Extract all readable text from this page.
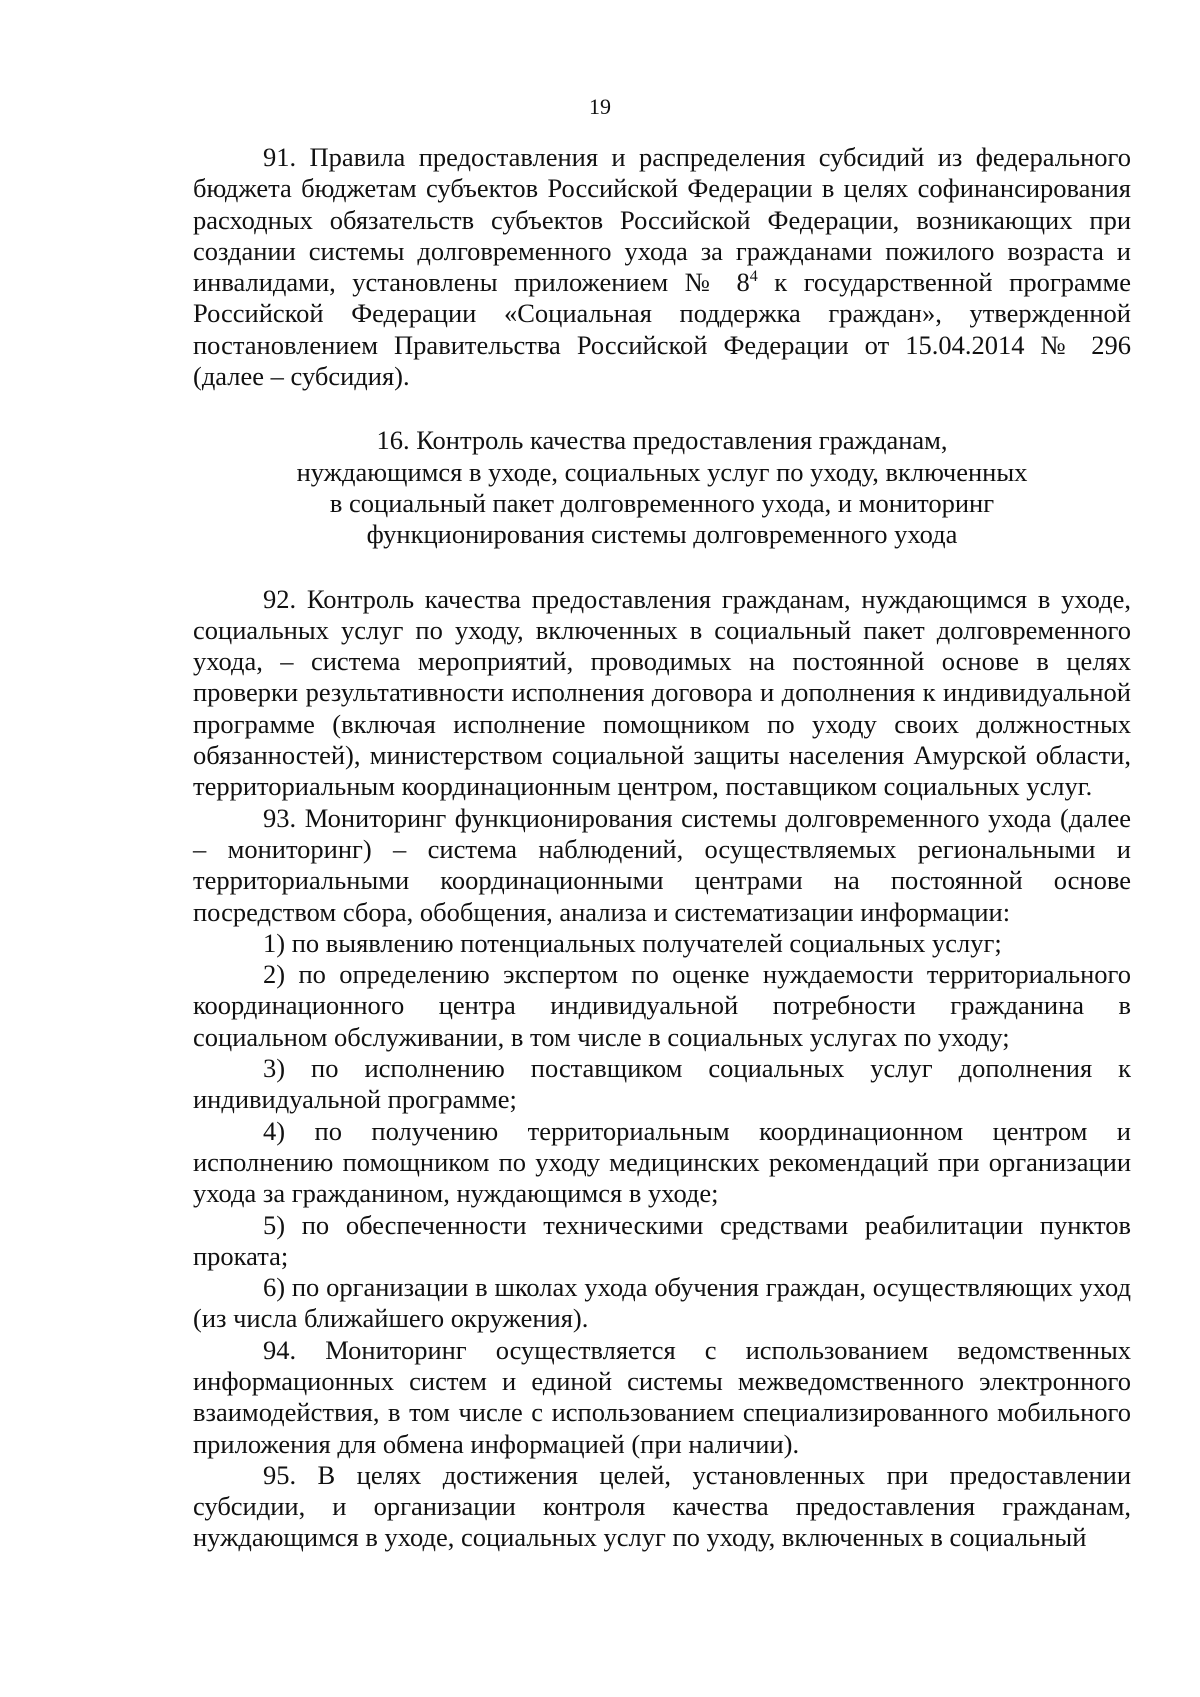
19

91. Правила предоставления и распределения субсидий из федерального бюджета бюджетам субъектов Российской Федерации в целях софинансирования расходных обязательств субъектов Российской Федерации, возникающих при создании системы долговременного ухода за гражданами пожилого возраста и инвалидами, установлены приложением № $8^4$ к государственной программе Российской Федерации «Социальная поддержка граждан», утвержденной постановлением Правительства Российской Федерации от 15.04.2014 № 296 (далее – субсидия).

16. Контроль качества предоставления гражданам,
нуждающимся в уходе, социальных услуг по уходу, включенных
в социальный пакет долговременного ухода, и мониторинг
функционирования системы долговременного ухода

92. Контроль качества предоставления гражданам, нуждающимся в уходе, социальных услуг по уходу, включенных в социальный пакет долговременного ухода, – система мероприятий, проводимых на постоянной основе в целях проверки результативности исполнения договора и дополнения к индивидуальной программе (включая исполнение помощником по уходу своих должностных обязанностей), министерством социальной защиты населения Амурской области, территориальным координационным центром, поставщиком социальных услуг.

93. Мониторинг функционирования системы долговременного ухода (далее – мониторинг) – система наблюдений, осуществляемых региональными и территориальными координационными центрами на постоянной основе посредством сбора, обобщения, анализа и систематизации информации:

1) по выявлению потенциальных получателей социальных услуг;

2) по определению экспертом по оценке нуждаемости территориального координационного центра индивидуальной потребности гражданина в социальном обслуживании, в том числе в социальных услугах по уходу;

3) по исполнению поставщиком социальных услуг дополнения к индивидуальной программе;

4) по получению территориальным координационном центром и исполнению помощником по уходу медицинских рекомендаций при организации ухода за гражданином, нуждающимся в уходе;

5) по обеспеченности техническими средствами реабилитации пунктов проката;

6) по организации в школах ухода обучения граждан, осуществляющих уход (из числа ближайшего окружения).

94. Мониторинг осуществляется с использованием ведомственных информационных систем и единой системы межведомственного электронного взаимодействия, в том числе с использованием специализированного мобильного приложения для обмена информацией (при наличии).

95. В целях достижения целей, установленных при предоставлении субсидии, и организации контроля качества предоставления гражданам, нуждающимся в уходе, социальных услуг по уходу, включенных в социальный
